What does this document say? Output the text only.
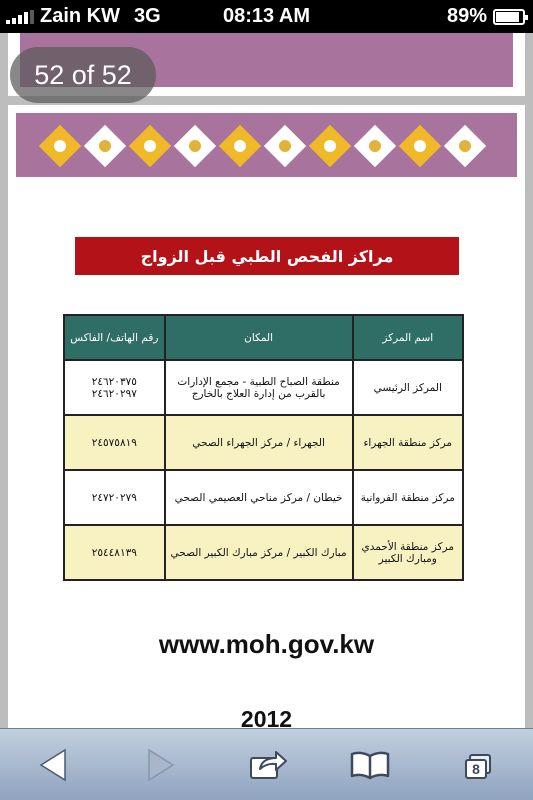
Zain KW 3G	08:13 AM	89%
مراكز الفحص الطبي قبل الزواج
اسم المركز	المكان	رقم الهاتف/ الفاكس
المركز الرئيسي	منطقة الصباح الطبية - مجمع الإدارات بالقرب من إدارة العلاج بالخارج	٢٤٦٢٠٣٧٥
٢٤٦٢٠٢٩٧

مركز منطقة الجهراء	الجهراء / مركز الجهراء الصحي	٢٤٥٧٥٨١٩

مركز منطقة الفروانية	خيطان / مركز مناحي العصيمي الصحي	٢٤٧٢٠٢٧٩

مركز منطقة الأحمدي ومبارك الكبير	مبارك الكبير / مركز مبارك الكبير الصحي	٢٥٤٤٨١٣٩
www.moh.gov.kw
2012
52 of 52
8
